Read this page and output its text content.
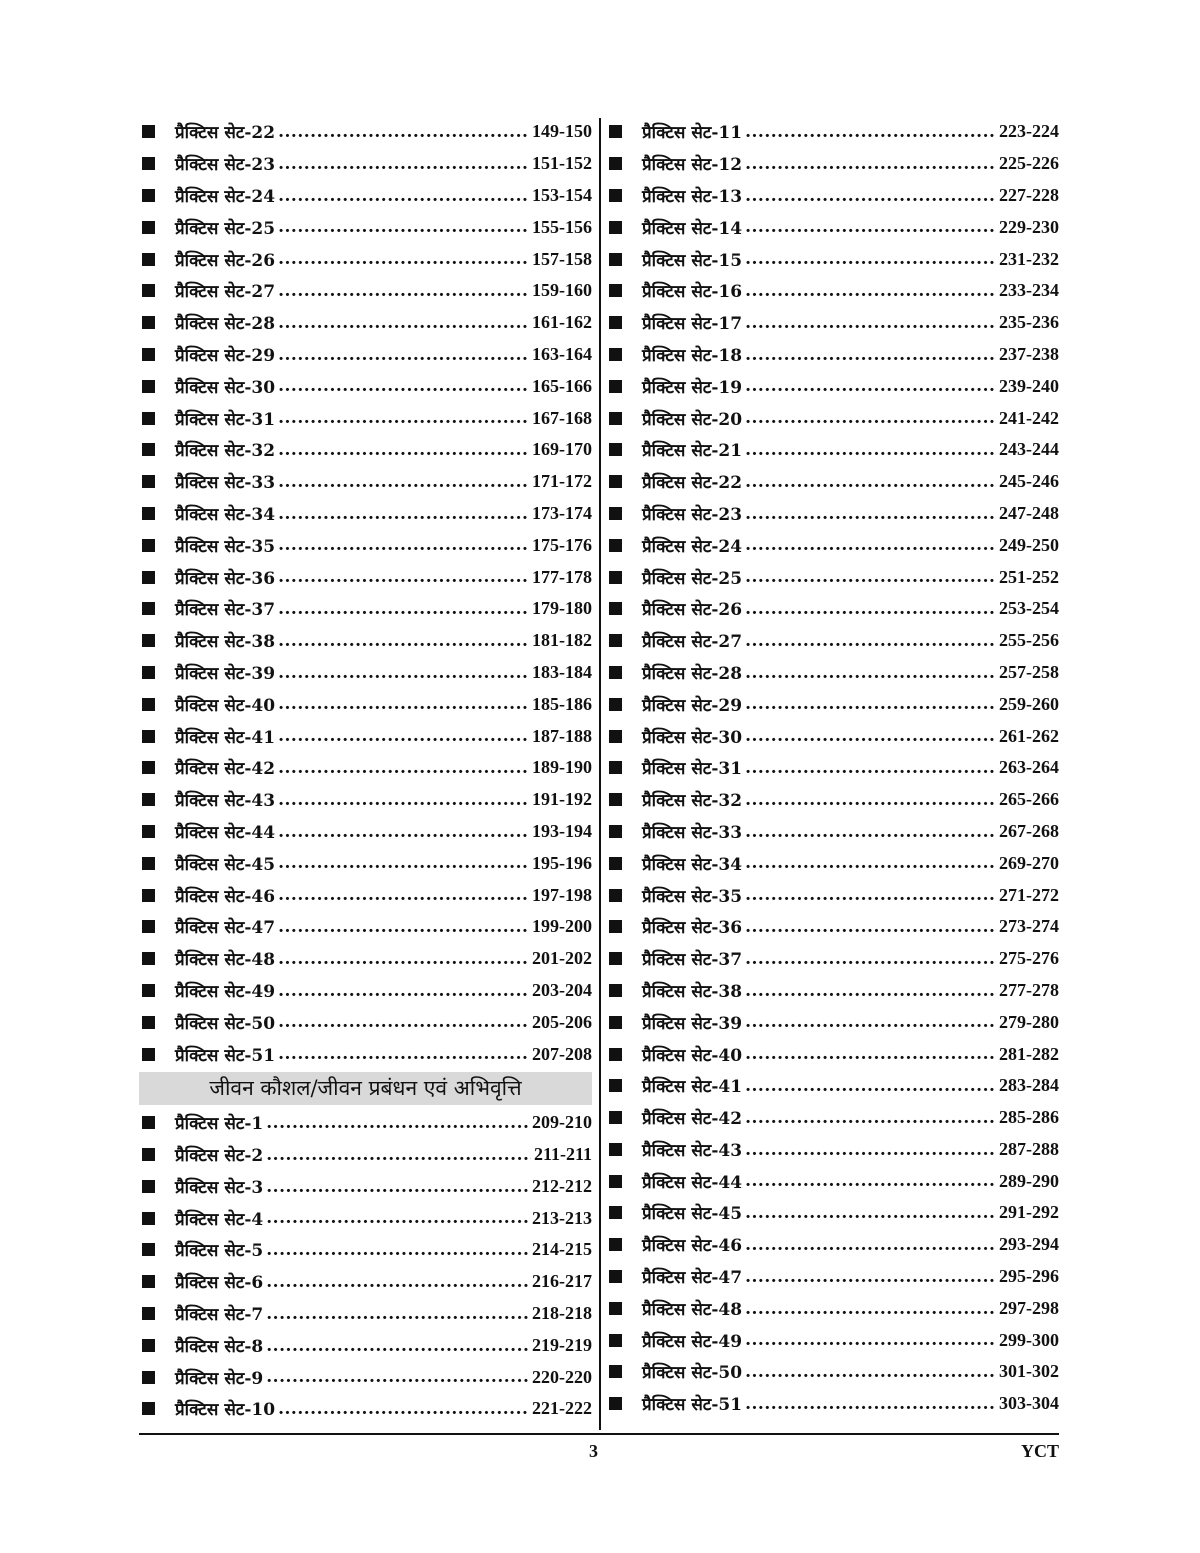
प्रैक्टिस सेट-22 .....	149-150
प्रैक्टिस सेट-23 .....	151-152
प्रैक्टिस सेट-24 .....	153-154
प्रैक्टिस सेट-25 .....	155-156
प्रैक्टिस सेट-26 .....	157-158
प्रैक्टिस सेट-27 .....	159-160
प्रैक्टिस सेट-28 .....	161-162
प्रैक्टिस सेट-29 .....	163-164
प्रैक्टिस सेट-30 .....	165-166
प्रैक्टिस सेट-31 .....	167-168
प्रैक्टिस सेट-32 .....	169-170
प्रैक्टिस सेट-33 .....	171-172
प्रैक्टिस सेट-34 .....	173-174
प्रैक्टिस सेट-35 .....	175-176
प्रैक्टिस सेट-36 .....	177-178
प्रैक्टिस सेट-37 .....	179-180
प्रैक्टिस सेट-38 .....	181-182
प्रैक्टिस सेट-39 .....	183-184
प्रैक्टिस सेट-40 .....	185-186
प्रैक्टिस सेट-41 .....	187-188
प्रैक्टिस सेट-42 .....	189-190
प्रैक्टिस सेट-43 .....	191-192
प्रैक्टिस सेट-44 .....	193-194
प्रैक्टिस सेट-45 .....	195-196
प्रैक्टिस सेट-46 .....	197-198
प्रैक्टिस सेट-47 .....	199-200
प्रैक्टिस सेट-48 .....	201-202
प्रैक्टिस सेट-49 .....	203-204
प्रैक्टिस सेट-50 .....	205-206
प्रैक्टिस सेट-51 .....	207-208
जीवन कौशल/जीवन प्रबंधन एवं अभिवृत्ति
प्रैक्टिस सेट-1 .....	209-210
प्रैक्टिस सेट-2 .....	211-211
प्रैक्टिस सेट-3 .....	212-212
प्रैक्टिस सेट-4 .....	213-213
प्रैक्टिस सेट-5 .....	214-215
प्रैक्टिस सेट-6 .....	216-217
प्रैक्टिस सेट-7 .....	218-218
प्रैक्टिस सेट-8 .....	219-219
प्रैक्टिस सेट-9 .....	220-220
प्रैक्टिस सेट-10 .....	221-222
प्रैक्टिस सेट-11 .....	223-224
प्रैक्टिस सेट-12 .....	225-226
प्रैक्टिस सेट-13 .....	227-228
प्रैक्टिस सेट-14 .....	229-230
प्रैक्टिस सेट-15 .....	231-232
प्रैक्टिस सेट-16 .....	233-234
प्रैक्टिस सेट-17 .....	235-236
प्रैक्टिस सेट-18 .....	237-238
प्रैक्टिस सेट-19 .....	239-240
प्रैक्टिस सेट-20 .....	241-242
प्रैक्टिस सेट-21 .....	243-244
प्रैक्टिस सेट-22 .....	245-246
प्रैक्टिस सेट-23 .....	247-248
प्रैक्टिस सेट-24 .....	249-250
प्रैक्टिस सेट-25 .....	251-252
प्रैक्टिस सेट-26 .....	253-254
प्रैक्टिस सेट-27 .....	255-256
प्रैक्टिस सेट-28 .....	257-258
प्रैक्टिस सेट-29 .....	259-260
प्रैक्टिस सेट-30 .....	261-262
प्रैक्टिस सेट-31 .....	263-264
प्रैक्टिस सेट-32 .....	265-266
प्रैक्टिस सेट-33 .....	267-268
प्रैक्टिस सेट-34 .....	269-270
प्रैक्टिस सेट-35 .....	271-272
प्रैक्टिस सेट-36 .....	273-274
प्रैक्टिस सेट-37 .....	275-276
प्रैक्टिस सेट-38 .....	277-278
प्रैक्टिस सेट-39 .....	279-280
प्रैक्टिस सेट-40 .....	281-282
प्रैक्टिस सेट-41 .....	283-284
प्रैक्टिस सेट-42 .....	285-286
प्रैक्टिस सेट-43 .....	287-288
प्रैक्टिस सेट-44 .....	289-290
प्रैक्टिस सेट-45 .....	291-292
प्रैक्टिस सेट-46 .....	293-294
प्रैक्टिस सेट-47 .....	295-296
प्रैक्टिस सेट-48 .....	297-298
प्रैक्टिस सेट-49 .....	299-300
प्रैक्टिस सेट-50 .....	301-302
प्रैक्टिस सेट-51 .....	303-304
3	YCT
